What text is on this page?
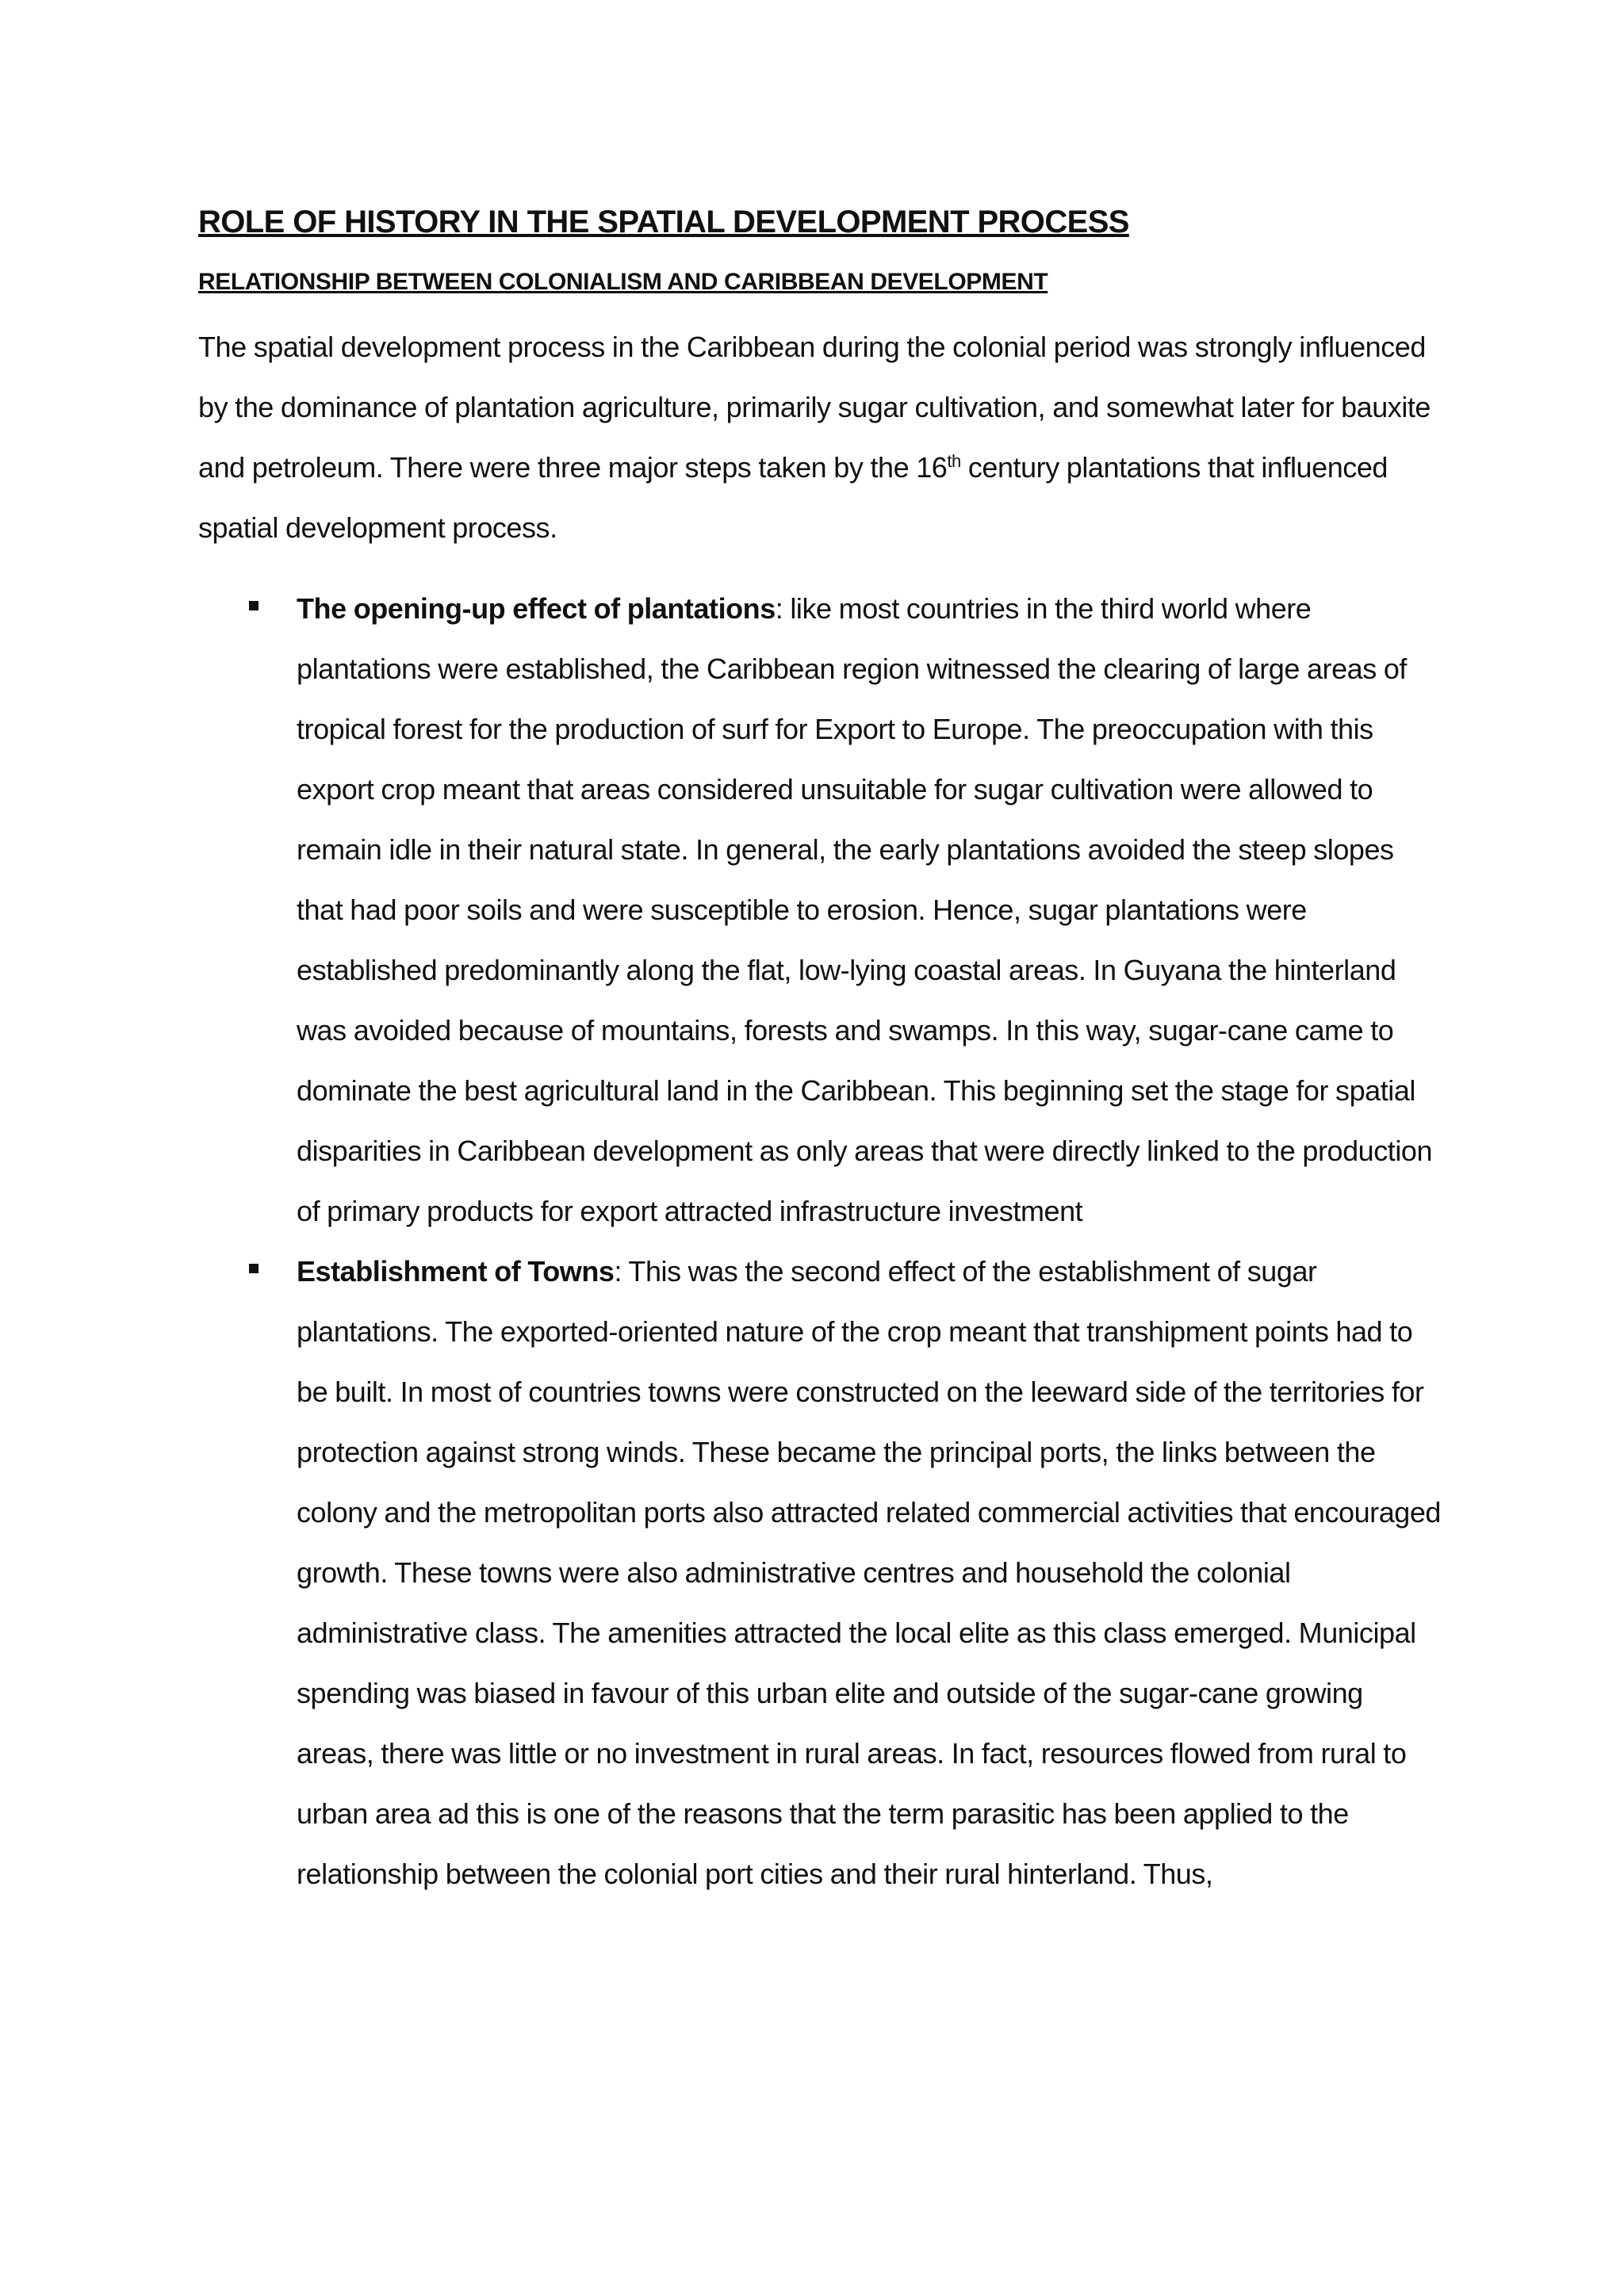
ROLE OF HISTORY IN THE SPATIAL DEVELOPMENT PROCESS
RELATIONSHIP BETWEEN COLONIALISM AND CARIBBEAN DEVELOPMENT

The spatial development process in the Caribbean during the colonial period was strongly influenced by the dominance of plantation agriculture, primarily sugar cultivation, and somewhat later for bauxite and petroleum. There were three major steps taken by the 16th century plantations that influenced spatial development process.

The opening-up effect of plantations: like most countries in the third world where plantations were established, the Caribbean region witnessed the clearing of large areas of tropical forest for the production of surf for Export to Europe. The preoccupation with this export crop meant that areas considered unsuitable for sugar cultivation were allowed to remain idle in their natural state. In general, the early plantations avoided the steep slopes that had poor soils and were susceptible to erosion. Hence, sugar plantations were established predominantly along the flat, low-lying coastal areas. In Guyana the hinterland was avoided because of mountains, forests and swamps. In this way, sugar-cane came to dominate the best agricultural land in the Caribbean. This beginning set the stage for spatial disparities in Caribbean development as only areas that were directly linked to the production of primary products for export attracted infrastructure investment
Establishment of Towns: This was the second effect of the establishment of sugar plantations. The exported-oriented nature of the crop meant that transhipment points had to be built. In most of countries towns were constructed on the leeward side of the territories for protection against strong winds. These became the principal ports, the links between the colony and the metropolitan ports also attracted related commercial activities that encouraged growth. These towns were also administrative centres and household the colonial administrative class. The amenities attracted the local elite as this class emerged. Municipal spending was biased in favour of this urban elite and outside of the sugar-cane growing areas, there was little or no investment in rural areas. In fact, resources flowed from rural to urban area ad this is one of the reasons that the term parasitic has been applied to the relationship between the colonial port cities and their rural hinterland. Thus,
